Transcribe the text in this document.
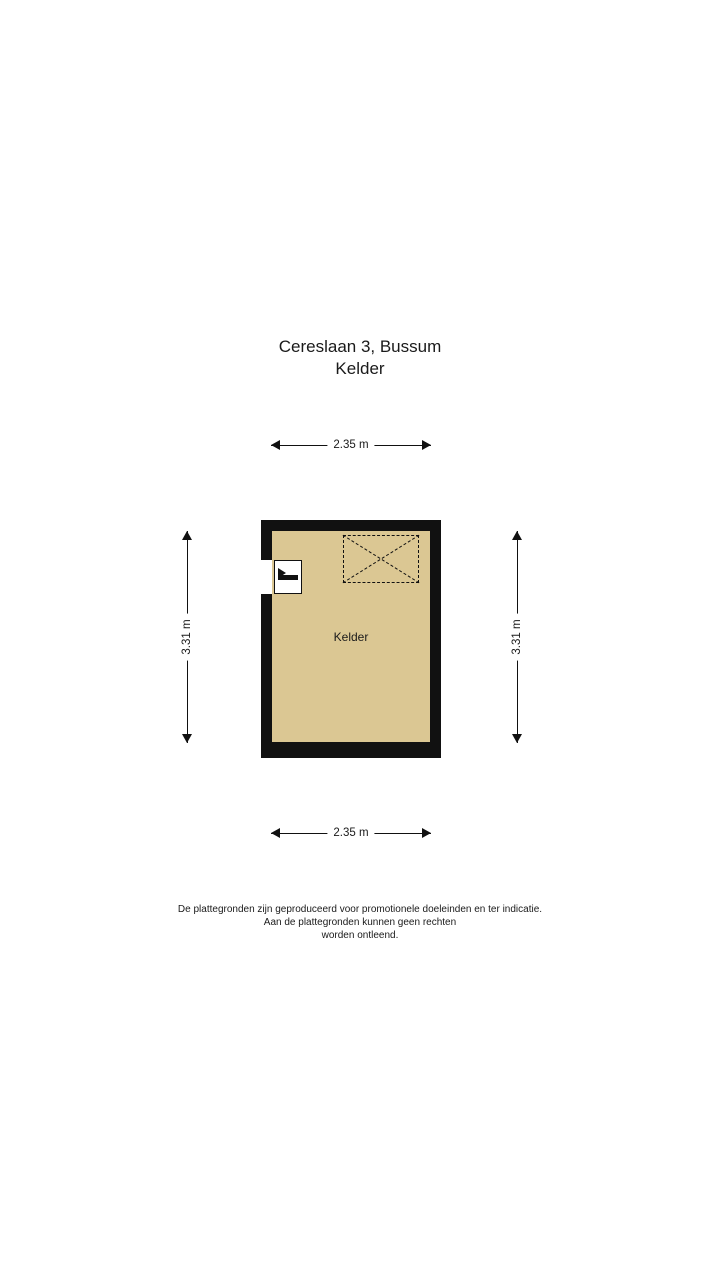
Cereslaan 3, Bussum
Kelder
2.35 m
3.31 m	3.31 m
Kelder
2.35 m
De plattegronden zijn geproduceerd voor promotionele doeleinden en ter indicatie.
Aan de plattegronden kunnen geen rechten
worden ontleend.
